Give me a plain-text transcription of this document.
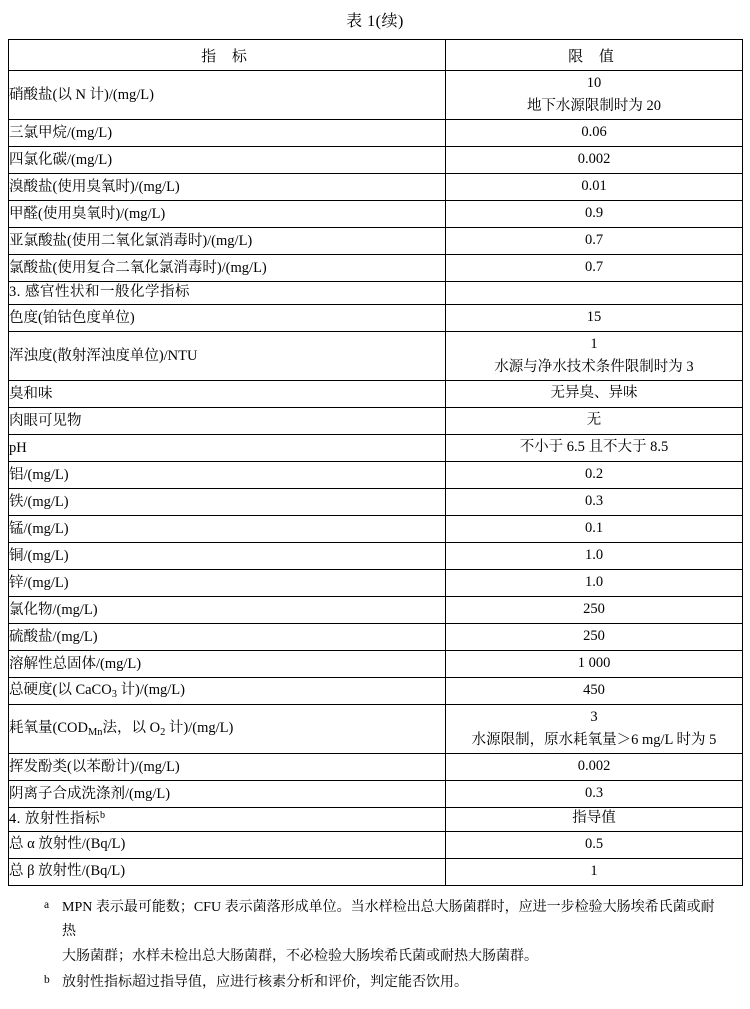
表 1(续)
指 标	限 值
硝酸盐(以 N 计)/(mg/L)	10
地下水源限制时为 20

三氯甲烷/(mg/L)	0.06
四氯化碳/(mg/L)	0.002
溴酸盐(使用臭氧时)/(mg/L)	0.01
甲醛(使用臭氧时)/(mg/L)	0.9
亚氯酸盐(使用二氧化氯消毒时)/(mg/L)	0.7
氯酸盐(使用复合二氧化氯消毒时)/(mg/L)	0.7
3. 感官性状和一般化学指标	
色度(铂钴色度单位)	15
浑浊度(散射浑浊度单位)/NTU	1
水源与净水技术条件限制时为 3

臭和味	无异臭、异味
肉眼可见物	无
pH	不小于 6.5 且不大于 8.5
铝/(mg/L)	0.2
铁/(mg/L)	0.3
锰/(mg/L)	0.1
铜/(mg/L)	1.0
锌/(mg/L)	1.0
氯化物/(mg/L)	250
硫酸盐/(mg/L)	250
溶解性总固体/(mg/L)	1 000
总硬度(以 CaCO$_3$ 计)/(mg/L)	450
耗氧量($COD_{Mn}$法，以 $O_2$ 计)/(mg/L)	3
水源限制，原水耗氧量＞6 mg/L 时为 5

挥发酚类(以苯酚计)/(mg/L)	0.002
阴离子合成洗涤剂/(mg/L)	0.3
4. 放射性指标$^b$	指导值
总 α 放射性/(Bq/L)	0.5
总 β 放射性/(Bq/L)	1
a MPN 表示最可能数；CFU 表示菌落形成单位。当水样检出总大肠菌群时，应进一步检验大肠埃希氏菌或耐热
大肠菌群；水样未检出总大肠菌群，不必检验大肠埃希氏菌或耐热大肠菌群。
b 放射性指标超过指导值，应进行核素分析和评价，判定能否饮用。
